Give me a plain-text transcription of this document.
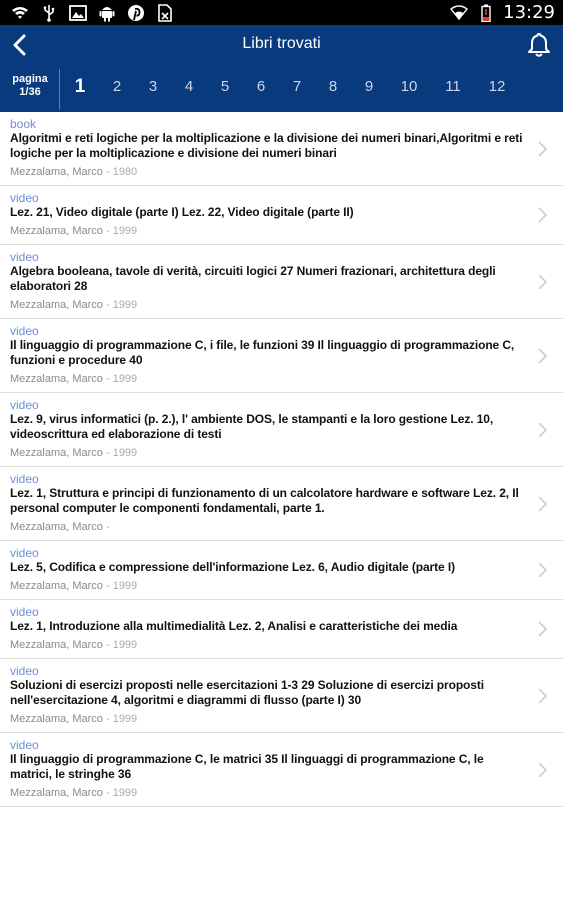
13:29
Libri trovati
pagina
1/36	1	2	3	4	5	6	7	8	9	10	11	12
book
Algoritmi e reti logiche per la moltiplicazione e la divisione dei numeri binari,Algoritmi e reti logiche per la moltiplicazione e divisione dei numeri binari
Mezzalama, Marco - 1980
video
Lez. 21, Video digitale (parte I) Lez. 22, Video digitale (parte II)
Mezzalama, Marco - 1999
video
Algebra booleana, tavole di verità, circuiti logici 27 Numeri frazionari, architettura degli elaboratori 28
Mezzalama, Marco - 1999
video
Il linguaggio di programmazione C, i file, le funzioni 39 Il linguaggio di programmazione C, funzioni e procedure 40
Mezzalama, Marco - 1999
video
Lez. 9, virus informatici (p. 2.), l' ambiente DOS, le stampanti e la loro gestione Lez. 10, videoscrittura ed elaborazione di testi
Mezzalama, Marco - 1999
video
Lez. 1, Struttura e principi di funzionamento di un calcolatore hardware e software Lez. 2, Il personal computer le componenti fondamentali, parte 1.
Mezzalama, Marco -
video
Lez. 5, Codifica e compressione dell'informazione Lez. 6, Audio digitale (parte I)
Mezzalama, Marco - 1999
video
Lez. 1, Introduzione alla multimedialità Lez. 2, Analisi e caratteristiche dei media
Mezzalama, Marco - 1999
video
Soluzioni di esercizi proposti nelle esercitazioni 1-3 29 Soluzione di esercizi proposti nell'esercitazione 4, algoritmi e diagrammi di flusso (parte I) 30
Mezzalama, Marco - 1999
video
Il linguaggio di programmazione C, le matrici 35 Il linguaggi di programmazione C, le matrici, le stringhe 36
Mezzalama, Marco - 1999
